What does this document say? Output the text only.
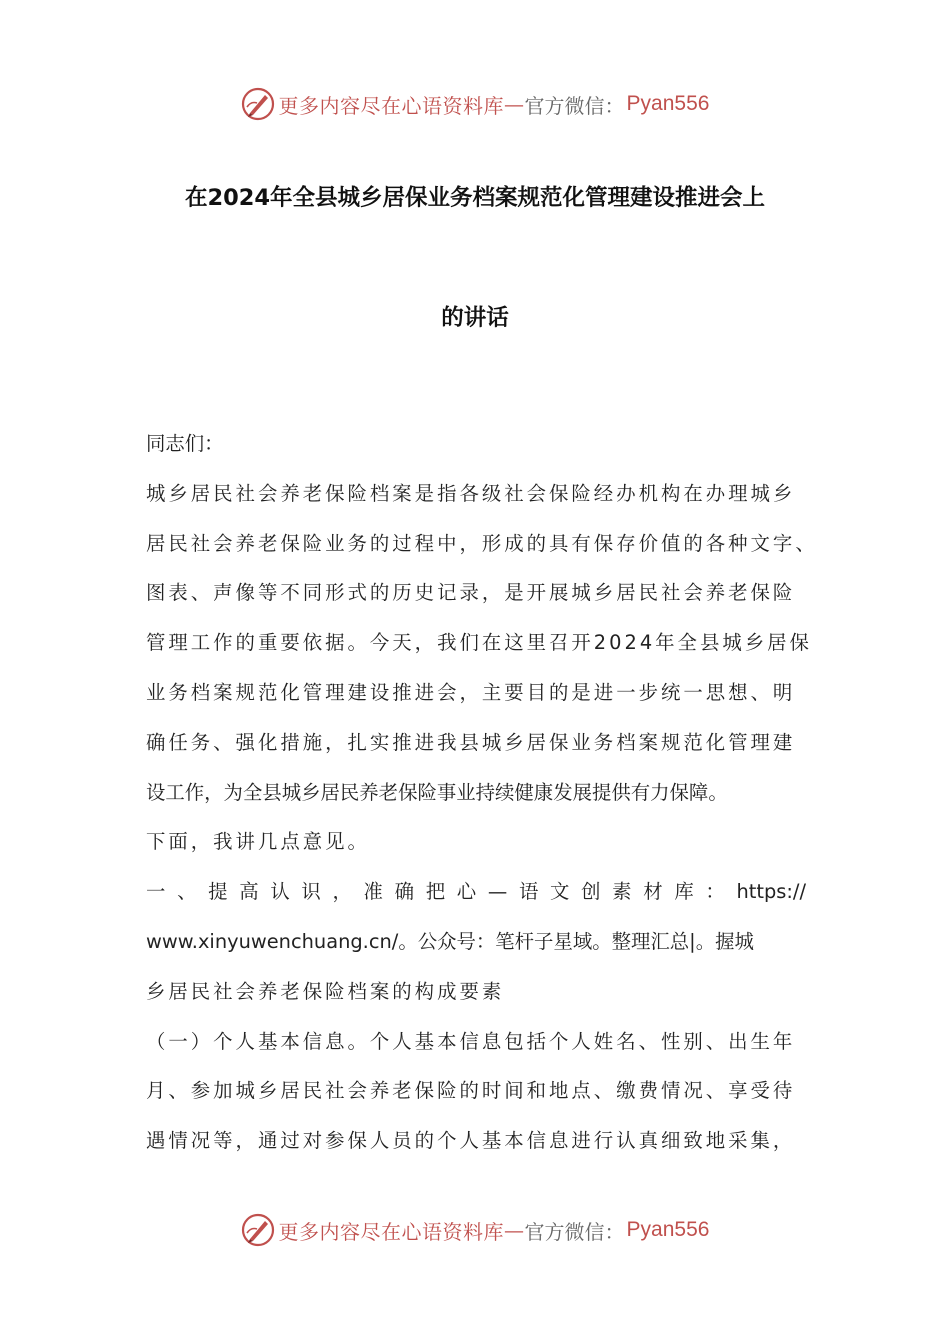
更多内容尽在心语资料库 — 官方微信： Pyan556
在2024年全县城乡居保业务档案规范化管理建设推进会上
的讲话
同志们：
城乡居民社会养老保险档案是指各级社会保险经办机构在办理城乡
居民社会养老保险业务的过程中，形成的具有保存价值的各种文字、
图表、声像等不同形式的历史记录，是开展城乡居民社会养老保险
管理工作的重要依据。今天，我们在这里召开2024年全县城乡居保
业务档案规范化管理建设推进会，主要目的是进一步统一思想、明
确任务、强化措施，扎实推进我县城乡居保业务档案规范化管理建
设工作，为全县城乡居民养老保险事业持续健康发展提供有力保障。
下面，我讲几点意见。
一 、 提 高 认 识 ， 准 确 把 心 — 语 文 创 素 材 库 ： https://
www.xinyuwenchuang.cn/。公众号：笔杆子星域。整理汇总|。握城
乡居民社会养老保险档案的构成要素
（一）个人基本信息。个人基本信息包括个人姓名、性别、出生年
月、参加城乡居民社会养老保险的时间和地点、缴费情况、享受待
遇情况等，通过对参保人员的个人基本信息进行认真细致地采集，
更多内容尽在心语资料库 — 官方微信： Pyan556
